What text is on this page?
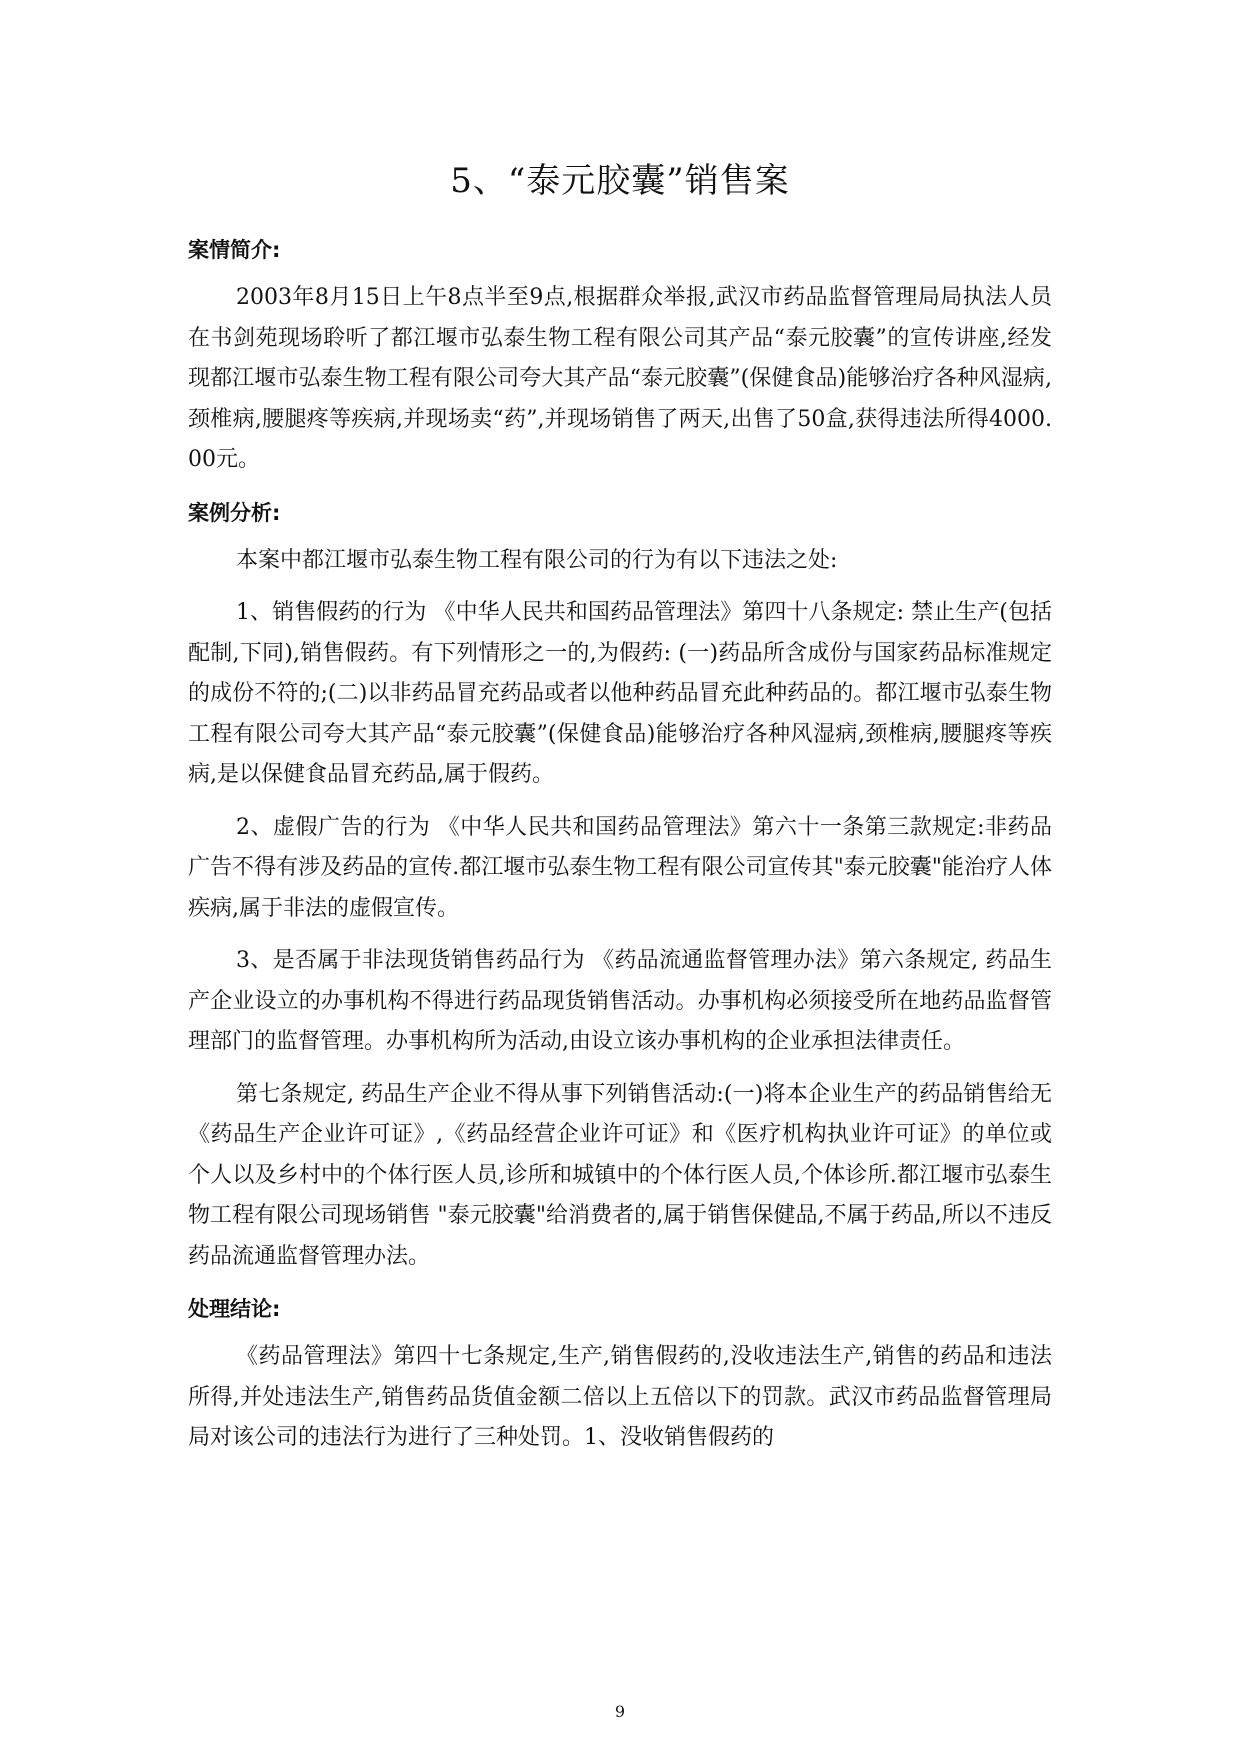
5、“泰元胶囊”销售案
案情简介:

2003年8月15日上午8点半至9点,根据群众举报,武汉市药品监督管理局局执法人员在书剑苑现场聆听了都江堰市弘泰生物工程有限公司其产品“泰元胶囊”的宣传讲座,经发现都江堰市弘泰生物工程有限公司夸大其产品“泰元胶囊”(保健食品)能够治疗各种风湿病,颈椎病,腰腿疼等疾病,并现场卖“药”,并现场销售了两天,出售了50盒,获得违法所得4000.00元。

案例分析:

本案中都江堰市弘泰生物工程有限公司的行为有以下违法之处:

1、销售假药的行为 《中华人民共和国药品管理法》第四十八条规定: 禁止生产(包括配制,下同),销售假药。有下列情形之一的,为假药: (一)药品所含成份与国家药品标准规定的成份不符的;(二)以非药品冒充药品或者以他种药品冒充此种药品的。都江堰市弘泰生物工程有限公司夸大其产品“泰元胶囊”(保健食品)能够治疗各种风湿病,颈椎病,腰腿疼等疾病,是以保健食品冒充药品,属于假药。

2、虚假广告的行为 《中华人民共和国药品管理法》第六十一条第三款规定:非药品广告不得有涉及药品的宣传.都江堰市弘泰生物工程有限公司宣传其"泰元胶囊"能治疗人体疾病,属于非法的虚假宣传。

3、是否属于非法现货销售药品行为 《药品流通监督管理办法》第六条规定, 药品生产企业设立的办事机构不得进行药品现货销售活动。办事机构必须接受所在地药品监督管理部门的监督管理。办事机构所为活动,由设立该办事机构的企业承担法律责任。

第七条规定, 药品生产企业不得从事下列销售活动:(一)将本企业生产的药品销售给无《药品生产企业许可证》,《药品经营企业许可证》和《医疗机构执业许可证》的单位或个人以及乡村中的个体行医人员,诊所和城镇中的个体行医人员,个体诊所.都江堰市弘泰生物工程有限公司现场销售 "泰元胶囊"给消费者的,属于销售保健品,不属于药品,所以不违反药品流通监督管理办法。

处理结论:

《药品管理法》第四十七条规定,生产,销售假药的,没收违法生产,销售的药品和违法所得,并处违法生产,销售药品货值金额二倍以上五倍以下的罚款。武汉市药品监督管理局局对该公司的违法行为进行了三种处罚。1、没收销售假药的

9
